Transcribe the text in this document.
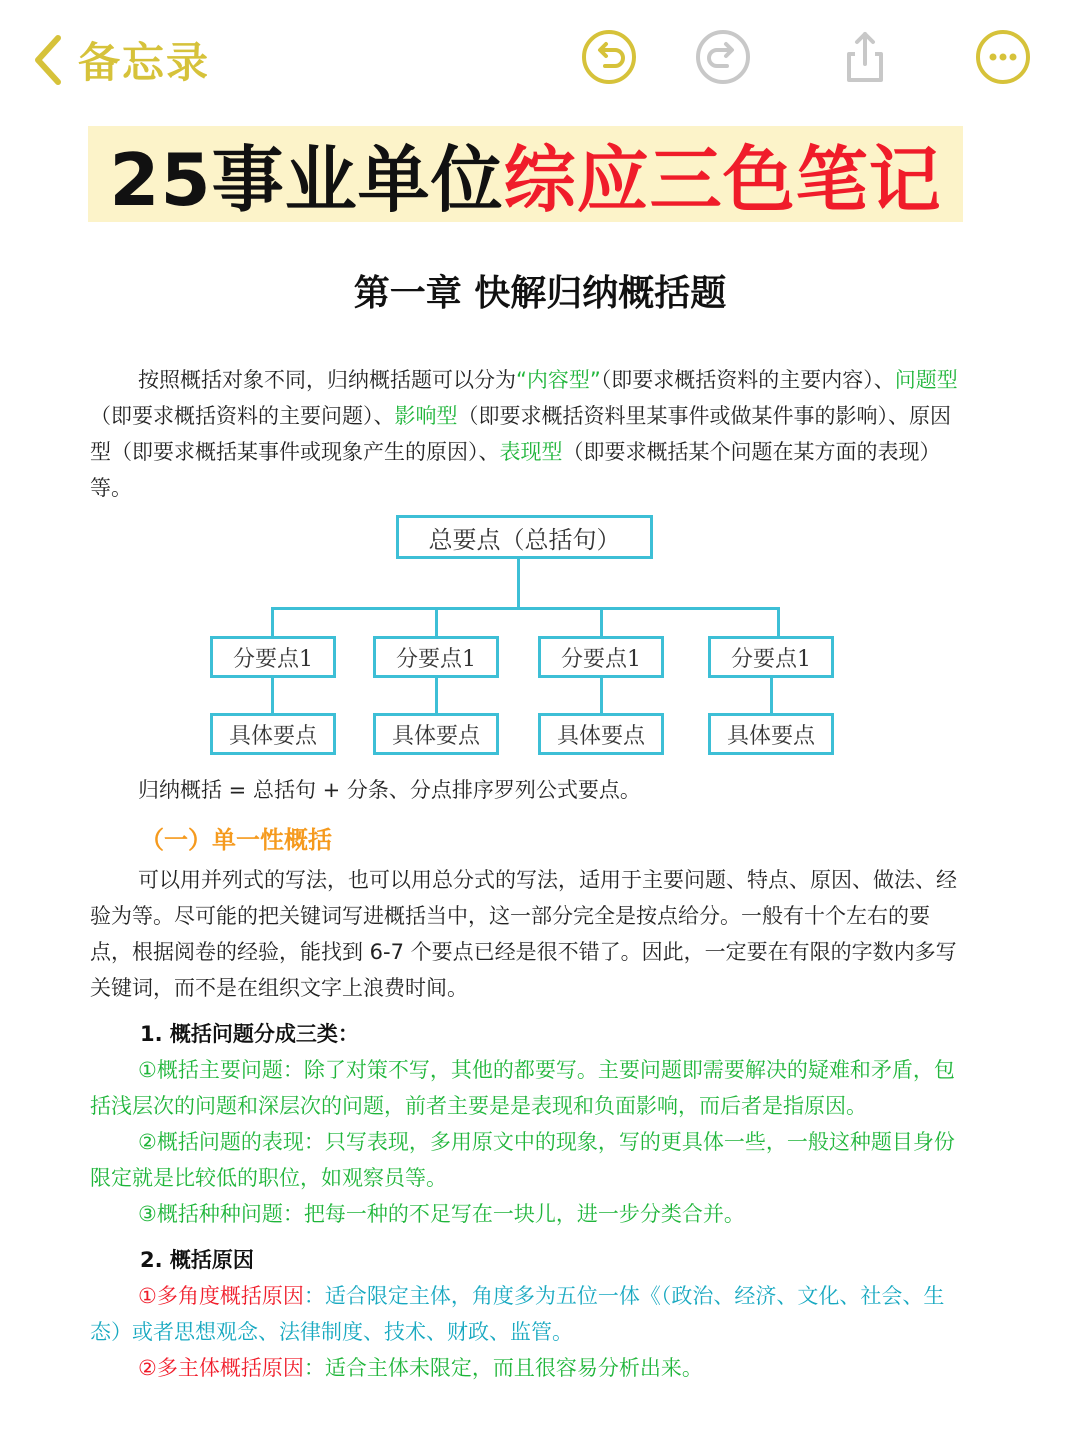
备忘录
25事业单位 综应三色笔记
第一章 快解归纳概括题
按照概括对象不同，归纳概括题可以分为“内容型”（即要求概括资料的主要内容）、问题型（即要求概括资料的主要问题）、影响型（即要求概括资料里某事件或做某件事的影响）、原因型（即要求概括某事件或现象产生的原因）、表现型（即要求概括某个问题在某方面的表现）等。
总要点（总括句）
分要点1	分要点1	分要点1	分要点1
具体要点	具体要点	具体要点	具体要点
归纳概括 = 总括句 + 分条、分点排序罗列公式要点。
（一）单一性概括
可以用并列式的写法，也可以用总分式的写法，适用于主要问题、特点、原因、做法、经验为等。尽可能的把关键词写进概括当中，这一部分完全是按点给分。一般有十个左右的要点，根据阅卷的经验，能找到 6-7 个要点已经是很不错了。因此，一定要在有限的字数内多写关键词，而不是在组织文字上浪费时间。
1. 概括问题分成三类：
①概括主要问题：除了对策不写，其他的都要写。主要问题即需要解决的疑难和矛盾，包括浅层次的问题和深层次的问题，前者主要是是表现和负面影响，而后者是指原因。
②概括问题的表现：只写表现，多用原文中的现象，写的更具体一些，一般这种题目身份限定就是比较低的职位，如观察员等。
③概括种种问题：把每一种的不足写在一块儿，进一步分类合并。
2. 概括原因
①多角度概括原因：适合限定主体，角度多为五位一体《（政治、经济、文化、社会、生态）或者思想观念、法律制度、技术、财政、监管。
②多主体概括原因：适合主体未限定，而且很容易分析出来。
